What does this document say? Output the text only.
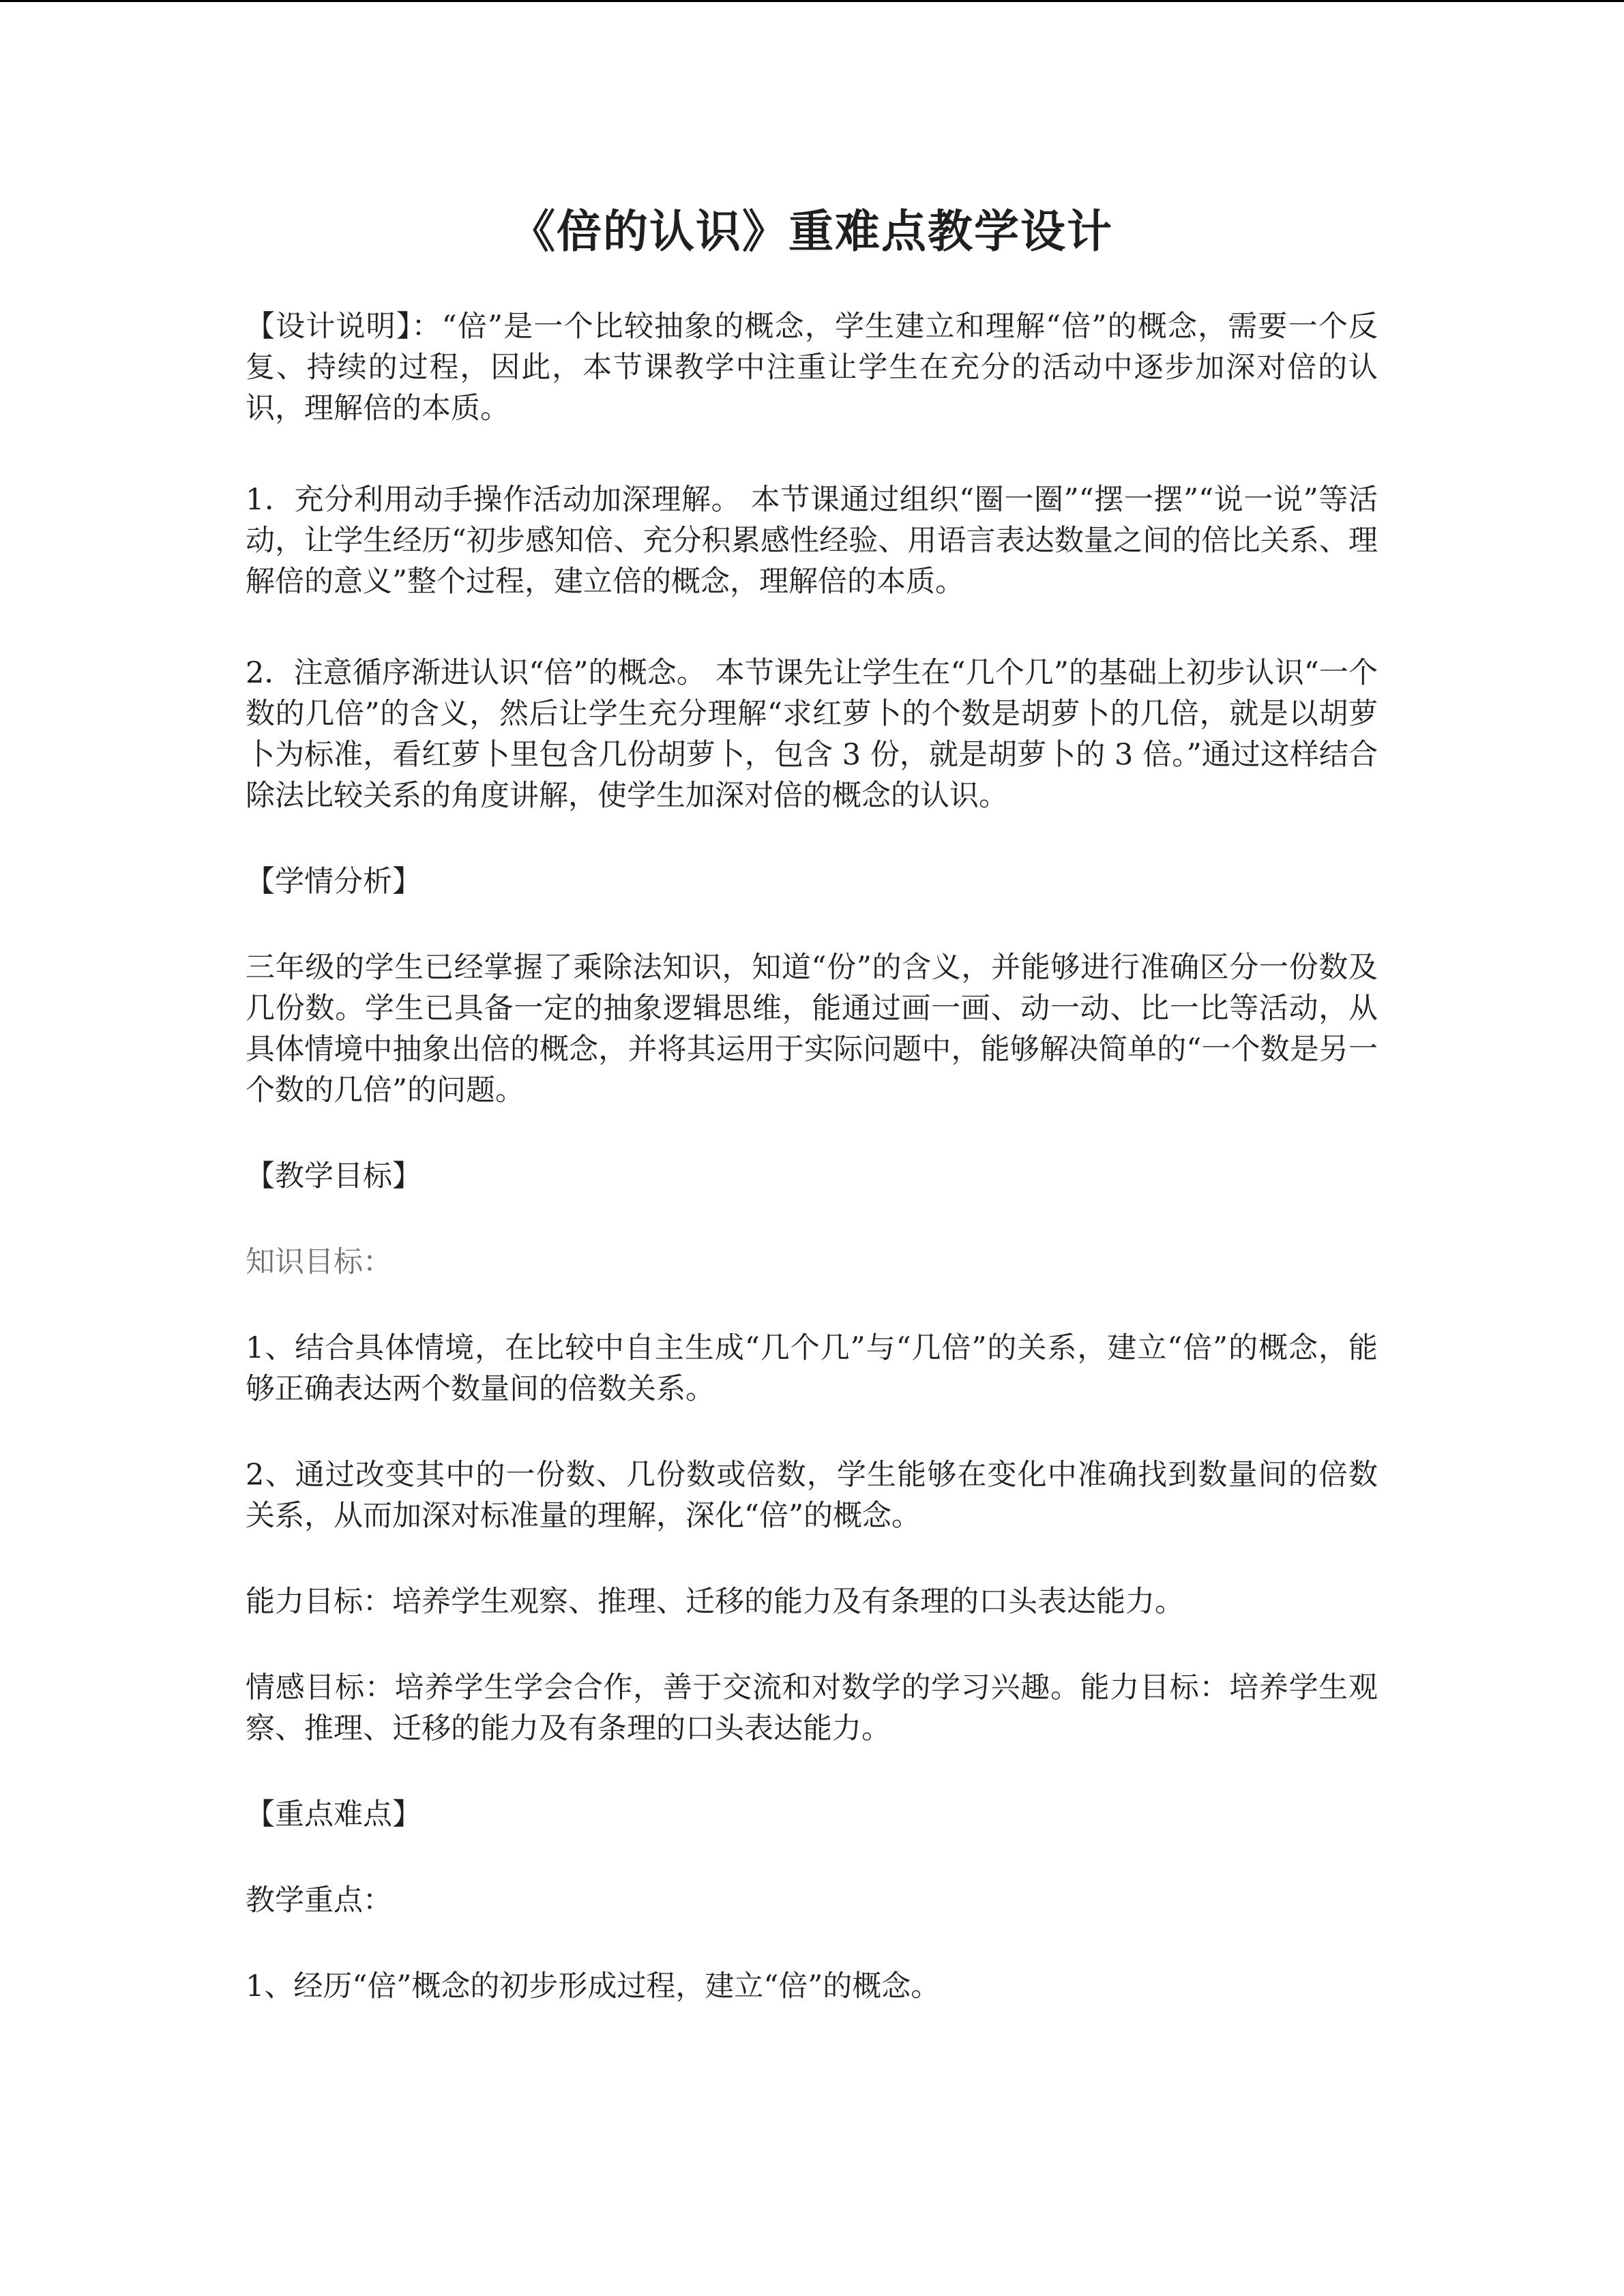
《倍的认识》重难点教学设计

【设计说明】：“倍”是一个比较抽象的概念，学生建立和理解“倍”的概念，需要一个反复、持续的过程，因此，本节课教学中注重让学生在充分的活动中逐步加深对倍的认识，理解倍的本质。

1．充分利用动手操作活动加深理解。 本节课通过组织“圈一圈”“摆一摆”“说一说”等活动，让学生经历“初步感知倍、充分积累感性经验、用语言表达数量之间的倍比关系、理解倍的意义”整个过程，建立倍的概念，理解倍的本质。

2．注意循序渐进认识“倍”的概念。 本节课先让学生在“几个几”的基础上初步认识“一个数的几倍”的含义，然后让学生充分理解“求红萝卜的个数是胡萝卜的几倍，就是以胡萝卜为标准，看红萝卜里包含几份胡萝卜，包含 3 份，就是胡萝卜的 3 倍。”通过这样结合除法比较关系的角度讲解，使学生加深对倍的概念的认识。

【学情分析】

三年级的学生已经掌握了乘除法知识，知道“份”的含义，并能够进行准确区分一份数及几份数。学生已具备一定的抽象逻辑思维，能通过画一画、动一动、比一比等活动，从具体情境中抽象出倍的概念，并将其运用于实际问题中，能够解决简单的“一个数是另一个数的几倍”的问题。

【教学目标】

知识目标：

1、结合具体情境，在比较中自主生成“几个几”与“几倍”的关系，建立“倍”的概念，能够正确表达两个数量间的倍数关系。

2、通过改变其中的一份数、几份数或倍数，学生能够在变化中准确找到数量间的倍数关系，从而加深对标准量的理解，深化“倍”的概念。

能力目标：培养学生观察、推理、迁移的能力及有条理的口头表达能力。

情感目标：培养学生学会合作，善于交流和对数学的学习兴趣。能力目标：培养学生观察、推理、迁移的能力及有条理的口头表达能力。

【重点难点】

教学重点：

1、经历“倍”概念的初步形成过程，建立“倍”的概念。
